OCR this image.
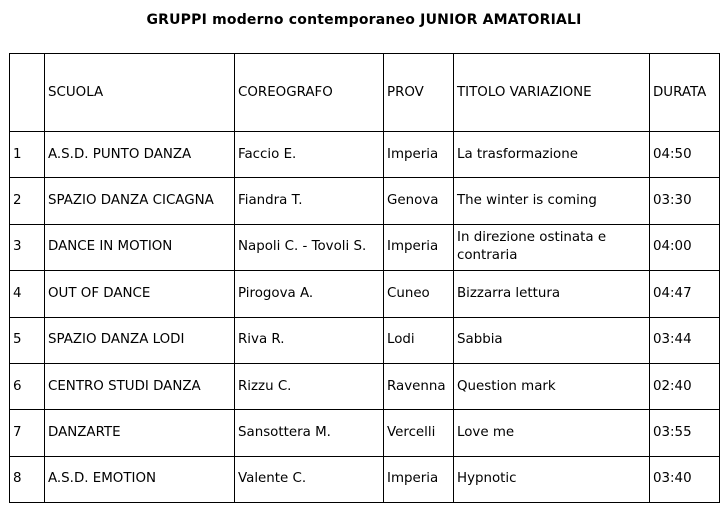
GRUPPI moderno contemporaneo JUNIOR AMATORIALI
	SCUOLA	COREOGRAFO	PROV	TITOLO VARIAZIONE	DURATA
1	A.S.D. PUNTO DANZA	Faccio E.	Imperia	La trasformazione	04:50
2	SPAZIO DANZA CICAGNA	Fiandra T.	Genova	The winter is coming	03:30
3	DANCE IN MOTION	Napoli C. - Tovoli S.	Imperia	In direzione ostinata e contraria	04:00
4	OUT OF DANCE	Pirogova A.	Cuneo	Bizzarra lettura	04:47
5	SPAZIO DANZA LODI	Riva R.	Lodi	Sabbia	03:44
6	CENTRO STUDI DANZA	Rizzu C.	Ravenna	Question mark	02:40
7	DANZARTE	Sansottera M.	Vercelli	Love me	03:55
8	A.S.D. EMOTION	Valente C.	Imperia	Hypnotic	03:40
